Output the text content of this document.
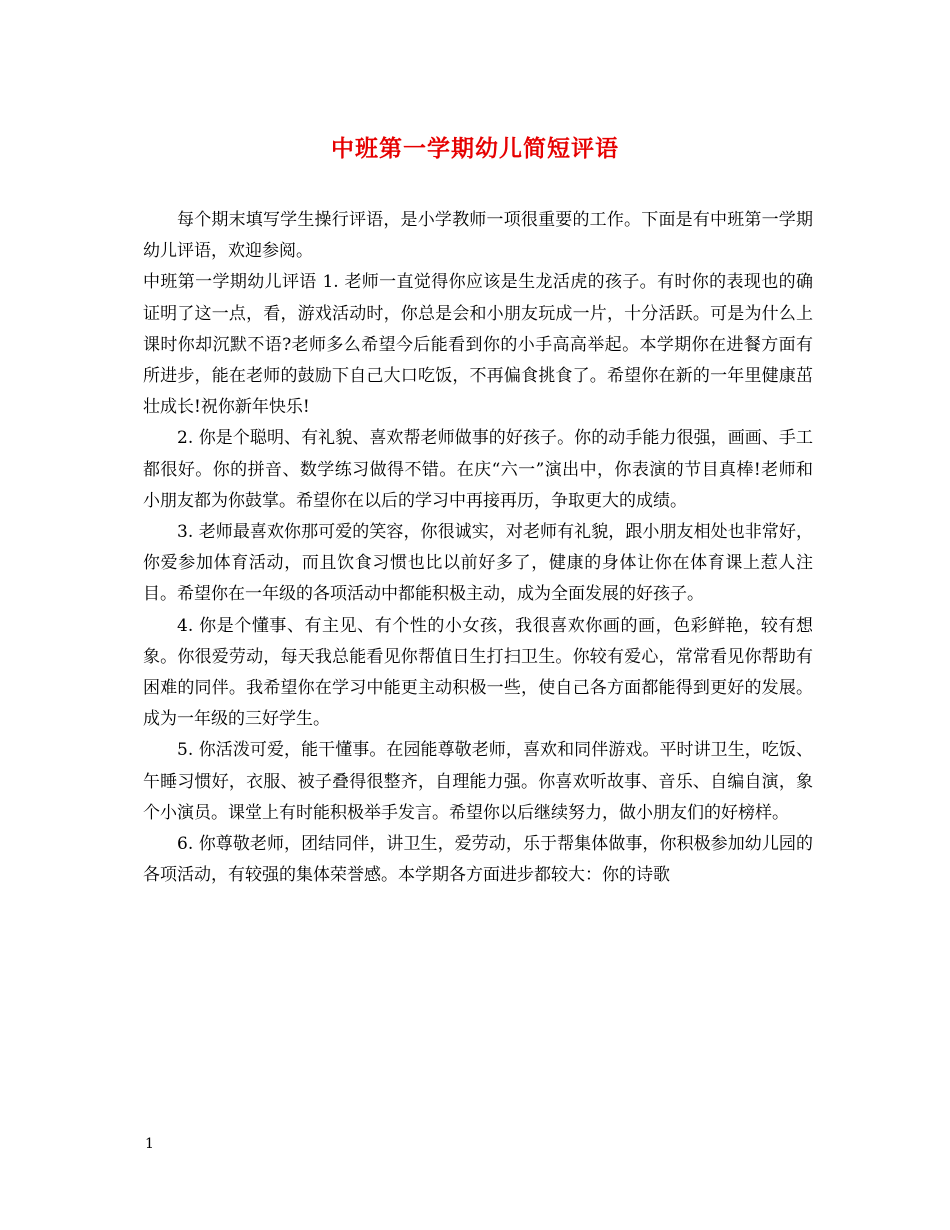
中班第一学期幼儿简短评语

每个期末填写学生操行评语，是小学教师一项很重要的工作。下面是有中班第一学期幼儿评语，欢迎参阅。

中班第一学期幼儿评语 1. 老师一直觉得你应该是生龙活虎的孩子。有时你的表现也的确证明了这一点，看，游戏活动时，你总是会和小朋友玩成一片，十分活跃。可是为什么上课时你却沉默不语?老师多么希望今后能看到你的小手高高举起。本学期你在进餐方面有所进步，能在老师的鼓励下自己大口吃饭，不再偏食挑食了。希望你在新的一年里健康茁壮成长!祝你新年快乐!

2. 你是个聪明、有礼貌、喜欢帮老师做事的好孩子。你的动手能力很强，画画、手工都很好。你的拼音、数学练习做得不错。在庆“六一”演出中，你表演的节目真棒!老师和小朋友都为你鼓掌。希望你在以后的学习中再接再历，争取更大的成绩。

3. 老师最喜欢你那可爱的笑容，你很诚实，对老师有礼貌，跟小朋友相处也非常好，你爱参加体育活动，而且饮食习惯也比以前好多了，健康的身体让你在体育课上惹人注目。希望你在一年级的各项活动中都能积极主动，成为全面发展的好孩子。

4. 你是个懂事、有主见、有个性的小女孩，我很喜欢你画的画，色彩鲜艳，较有想象。你很爱劳动，每天我总能看见你帮值日生打扫卫生。你较有爱心，常常看见你帮助有困难的同伴。我希望你在学习中能更主动积极一些，使自己各方面都能得到更好的发展。成为一年级的三好学生。

5. 你活泼可爱，能干懂事。在园能尊敬老师，喜欢和同伴游戏。平时讲卫生，吃饭、午睡习惯好，衣服、被子叠得很整齐，自理能力强。你喜欢听故事、音乐、自编自演，象个小演员。课堂上有时能积极举手发言。希望你以后继续努力，做小朋友们的好榜样。

6. 你尊敬老师，团结同伴，讲卫生，爱劳动，乐于帮集体做事，你积极参加幼儿园的各项活动，有较强的集体荣誉感。本学期各方面进步都较大：你的诗歌

1
